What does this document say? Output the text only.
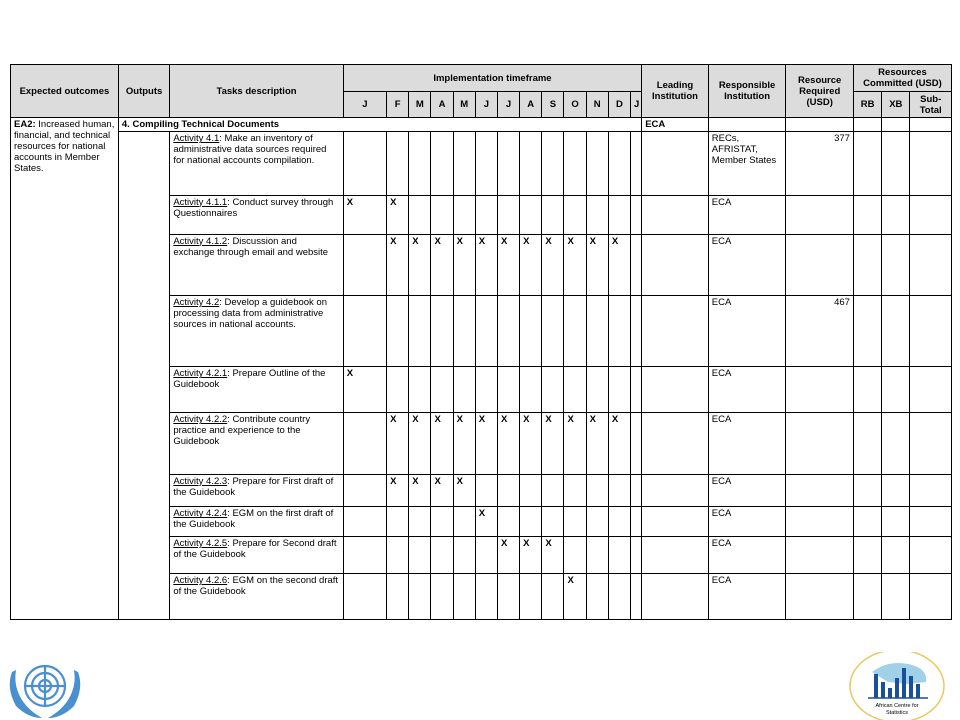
Expected outcomes	Outputs	Tasks description	Implementation timeframe													Leading Institution	Responsible Institution	Resource Required (USD)	Resources Committed (USD)		
			J	F	M	A	M	J	J	A	S	O	N	D	J				RB	XB	Sub-Total
EA2: Increased human, financial, and technical resources for national accounts in Member States.	4. Compiling Technical Documents															ECA					
		Activity 4.1: Make an inventory of administrative data sources required for national accounts compilation.															RECs, AFRISTAT, Member States	377			
		Activity 4.1.1: Conduct survey through Questionnaires	X	X													ECA				
		Activity 4.1.2: Discussion and exchange through email and website		X	X	X	X	X	X	X	X	X	X	X			ECA				
		Activity 4.2: Develop a guidebook on processing data from administrative sources in national accounts.															ECA	467			
		Activity 4.2.1: Prepare Outline of the Guidebook	X														ECA				
		Activity 4.2.2: Contribute country practice and experience to the Guidebook		X	X	X	X	X	X	X	X	X	X	X			ECA				
		Activity 4.2.3: Prepare for First draft of the Guidebook		X	X	X	X										ECA				
		Activity 4.2.4: EGM on the first draft of the Guidebook						X									ECA				
		Activity 4.2.5: Prepare for Second draft of the Guidebook							X	X	X						ECA				
		Activity 4.2.6: EGM on the second draft of the Guidebook										X					ECA				
African Centre for
Statistics
